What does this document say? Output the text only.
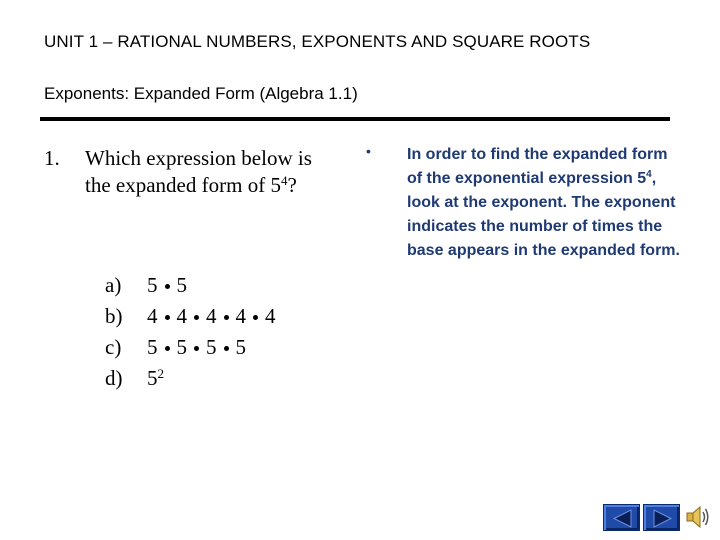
UNIT 1 – RATIONAL NUMBERS, EXPONENTS AND SQUARE ROOTS
Exponents: Expanded Form (Algebra 1.1)
1. Which expression below is the expanded form of $5^4$?
a) 5 5
b) 4 4 4 4 4
c) 5 5 5 5
d) $5^2$
• In order to find the expanded form of the exponential expression $5^4$, look at the exponent. The exponent indicates the number of times the base appears in the expanded form.
